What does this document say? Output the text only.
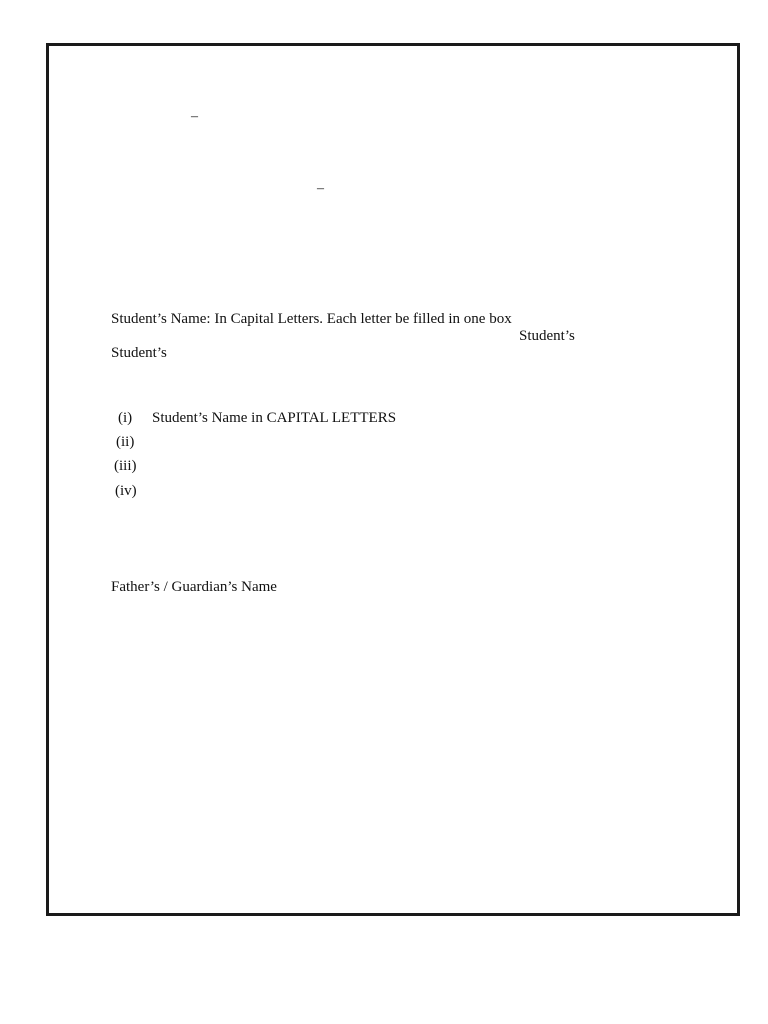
–
–
Student’s Name: In Capital Letters. Each letter be filled in one box
Student’s
Student’s
(i) Student’s Name in CAPITAL LETTERS
(ii)
(iii)
(iv)
Father’s / Guardian’s Name
